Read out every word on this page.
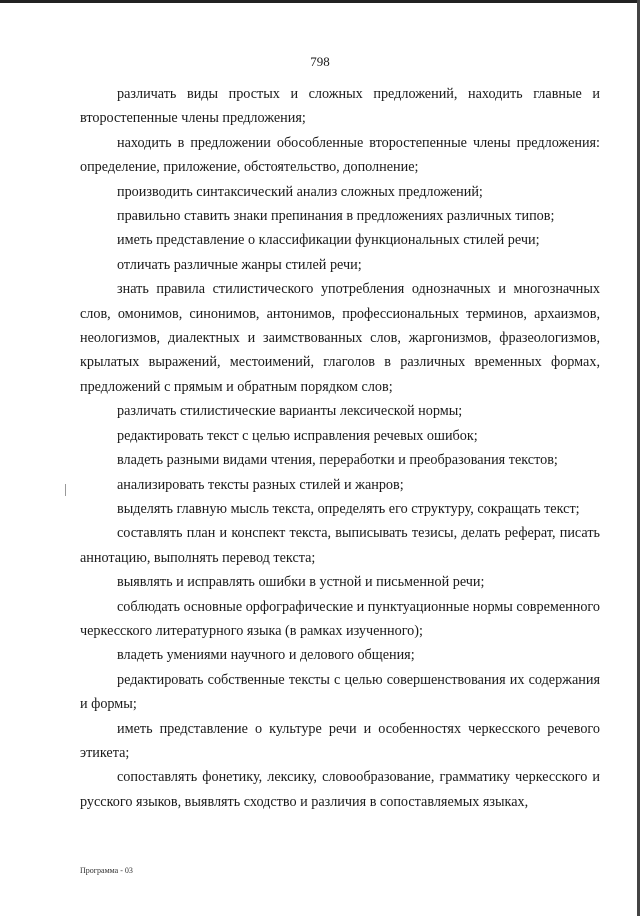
798

различать виды простых и сложных предложений, находить главные и второстепенные члены предложения;

находить в предложении обособленные второстепенные члены предложения: определение, приложение, обстоятельство, дополнение;

производить синтаксический анализ сложных предложений;

правильно ставить знаки препинания в предложениях различных типов;

иметь представление о классификации функциональных стилей речи;

отличать различные жанры стилей речи;

знать правила стилистического употребления однозначных и многозначных слов, омонимов, синонимов, антонимов, профессиональных терминов, архаизмов, неологизмов, диалектных и заимствованных слов, жаргонизмов, фразеологизмов, крылатых выражений, местоимений, глаголов в различных временных формах, предложений с прямым и обратным порядком слов;

различать стилистические варианты лексической нормы;

редактировать текст с целью исправления речевых ошибок;

владеть разными видами чтения, переработки и преобразования текстов;

анализировать тексты разных стилей и жанров;

выделять главную мысль текста, определять его структуру, сокращать текст;

составлять план и конспект текста, выписывать тезисы, делать реферат, писать аннотацию, выполнять перевод текста;

выявлять и исправлять ошибки в устной и письменной речи;

соблюдать основные орфографические и пунктуационные нормы современного черкесского литературного языка (в рамках изученного);

владеть умениями научного и делового общения;

редактировать собственные тексты с целью совершенствования их содержания и формы;

иметь представление о культуре речи и особенностях черкесского речевого этикета;

сопоставлять фонетику, лексику, словообразование, грамматику черкесского и русского языков, выявлять сходство и различия в сопоставляемых языках,

Программа - 03
